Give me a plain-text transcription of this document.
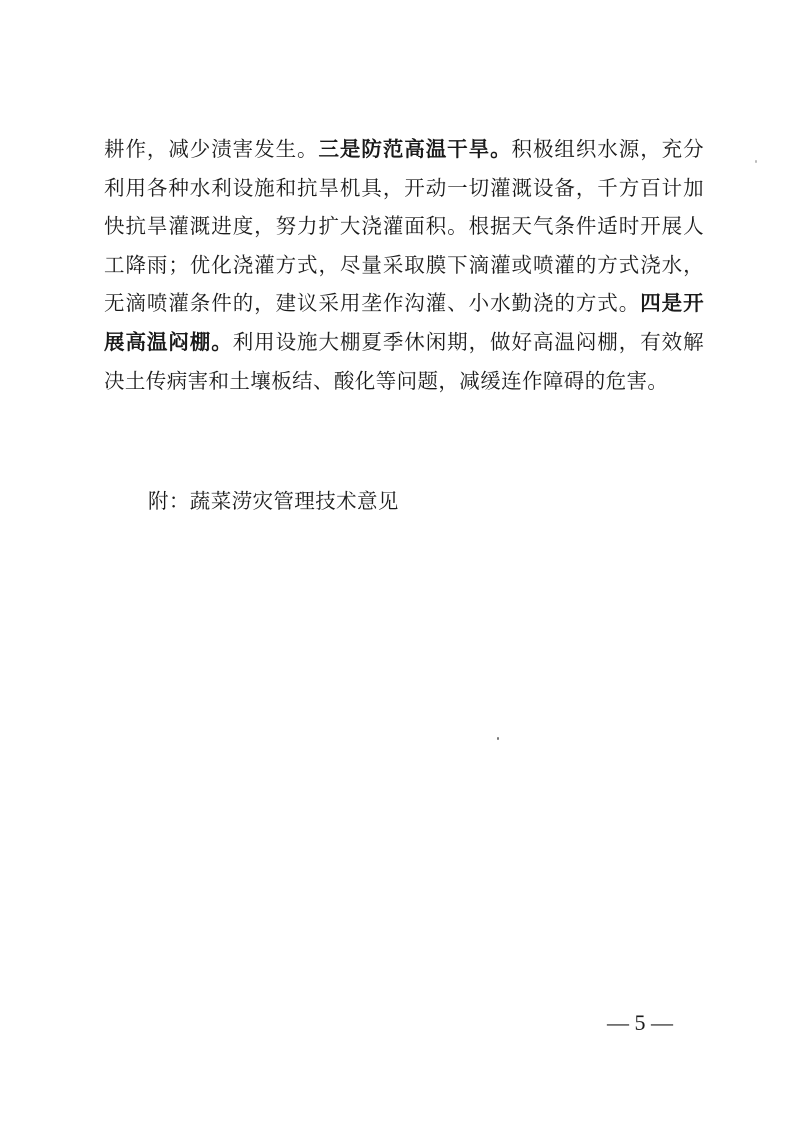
耕作，减少渍害发生。三是防范高温干旱。积极组织水源，充分利用各种水利设施和抗旱机具，开动一切灌溉设备，千方百计加快抗旱灌溉进度，努力扩大浇灌面积。根据天气条件适时开展人工降雨；优化浇灌方式，尽量采取膜下滴灌或喷灌的方式浇水，无滴喷灌条件的，建议采用垄作沟灌、小水勤浇的方式。四是开展高温闷棚。利用设施大棚夏季休闲期，做好高温闷棚，有效解决土传病害和土壤板结、酸化等问题，减缓连作障碍的危害。

附：蔬菜涝灾管理技术意见
— 5 —
